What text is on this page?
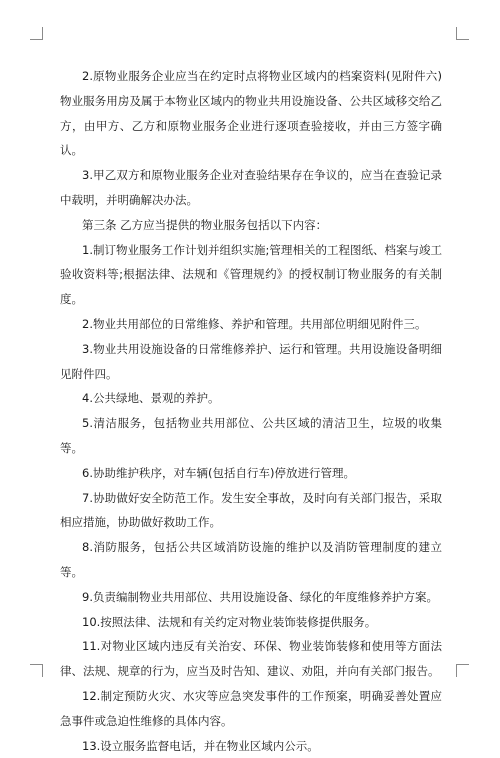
2.原物业服务企业应当在约定时点将物业区域内的档案资料(见附件六)物业服务用房及属于本物业区域内的物业共用设施设备、公共区域移交给乙方，由甲方、乙方和原物业服务企业进行逐项查验接收，并由三方签字确认。

3.甲乙双方和原物业服务企业对查验结果存在争议的，应当在查验记录中载明，并明确解决办法。

第三条 乙方应当提供的物业服务包括以下内容：

1.制订物业服务工作计划并组织实施;管理相关的工程图纸、档案与竣工验收资料等;根据法律、法规和《管理规约》的授权制订物业服务的有关制度。

2.物业共用部位的日常维修、养护和管理。共用部位明细见附件三。

3.物业共用设施设备的日常维修养护、运行和管理。共用设施设备明细见附件四。

4.公共绿地、景观的养护。

5.清洁服务，包括物业共用部位、公共区域的清洁卫生，垃圾的收集等。

6.协助维护秩序，对车辆(包括自行车)停放进行管理。

7.协助做好安全防范工作。发生安全事故，及时向有关部门报告，采取相应措施，协助做好救助工作。

8.消防服务，包括公共区域消防设施的维护以及消防管理制度的建立等。

9.负责编制物业共用部位、共用设施设备、绿化的年度维修养护方案。

10.按照法律、法规和有关约定对物业装饰装修提供服务。

11.对物业区域内违反有关治安、环保、物业装饰装修和使用等方面法律、法规、规章的行为，应当及时告知、建议、劝阻，并向有关部门报告。

12.制定预防火灾、水灾等应急突发事件的工作预案，明确妥善处置应急事件或急迫性维修的具体内容。

13.设立服务监督电话，并在物业区域内公示。
